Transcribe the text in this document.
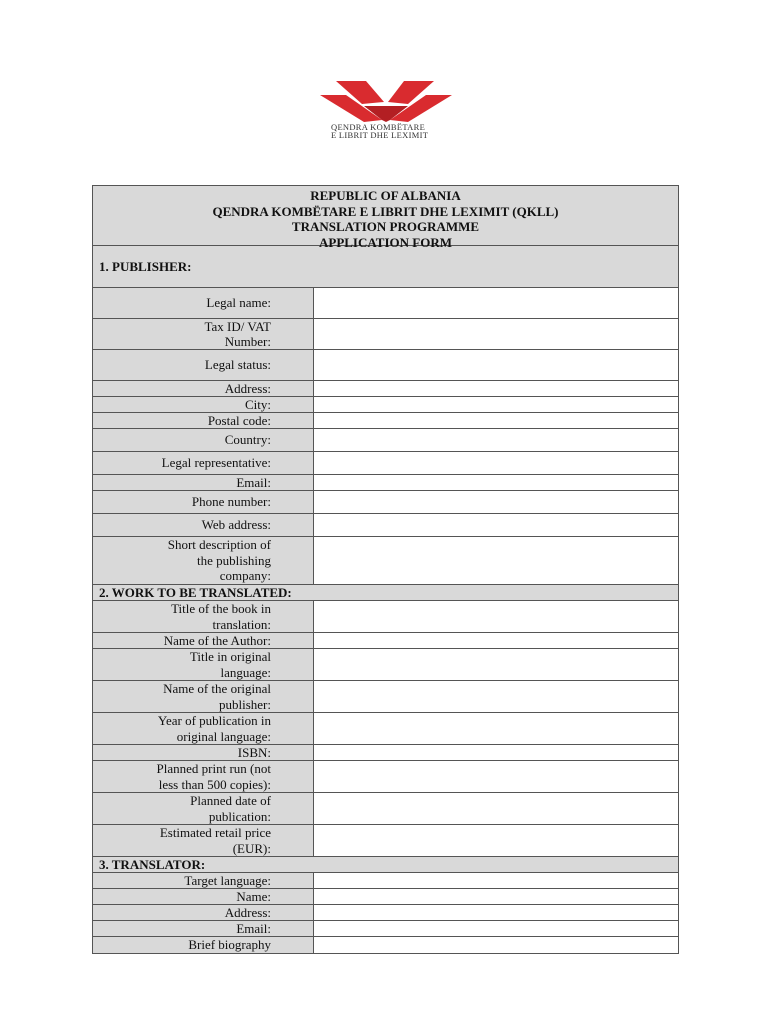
QENDRA KOMBËTARE
E LIBRIT DHE LEXIMIT
REPUBLIC OF ALBANIA
QENDRA KOMBËTARE E LIBRIT DHE LEXIMIT (QKLL)
TRANSLATION PROGRAMME
APPLICATION FORM
1. PUBLISHER:
Legal name:
Tax ID/ VAT
Number:
Legal status:
Address:
City:
Postal code:
Country:
Legal representative:
Email:
Phone number:
Web address:
Short description of
the publishing
company:
2. WORK TO BE TRANSLATED:
Title of the book in
translation:
Name of the Author:
Title in original
language:
Name of the original
publisher:
Year of publication in
original language:
ISBN:
Planned print run (not
less than 500 copies):
Planned date of
publication:
Estimated retail price
(EUR):
3. TRANSLATOR:
Target language:
Name:
Address:
Email:
Brief biography
